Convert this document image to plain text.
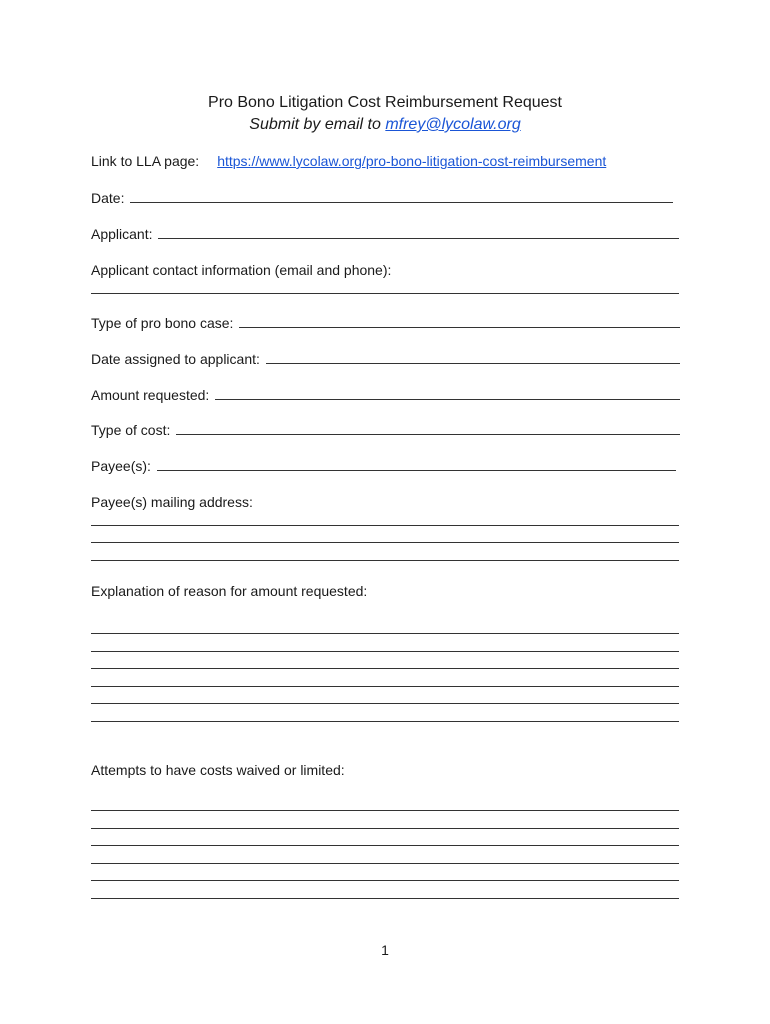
Pro Bono Litigation Cost Reimbursement Request
Submit by email to mfrey@lycolaw.org
Link to LLA page: https://www.lycolaw.org/pro-bono-litigation-cost-reimbursement
Date:
Applicant:
Applicant contact information (email and phone):
Type of pro bono case:
Date assigned to applicant:
Amount requested:
Type of cost:
Payee(s):
Payee(s) mailing address:
Explanation of reason for amount requested:
Attempts to have costs waived or limited:
1
